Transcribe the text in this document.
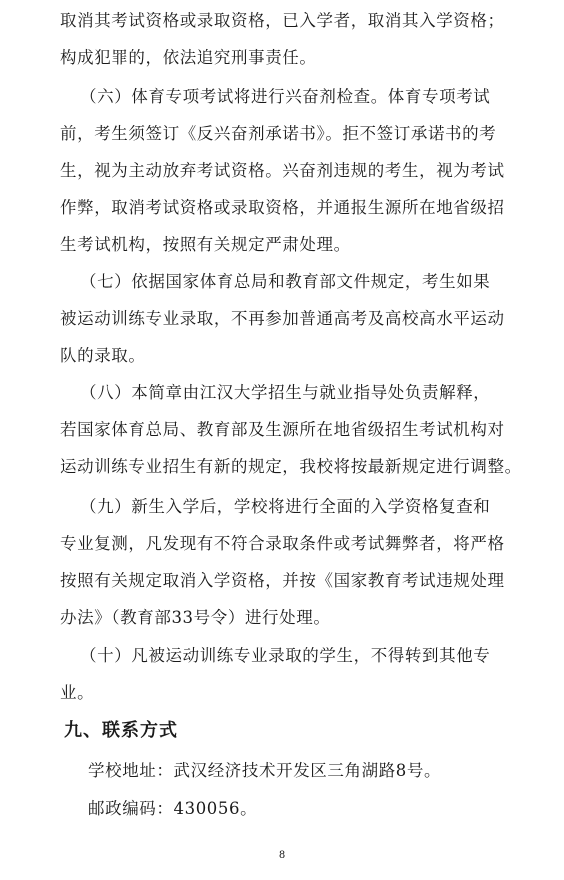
取消其考试资格或录取资格，已入学者，取消其入学资格；
构成犯罪的，依法追究刑事责任。
（六）体育专项考试将进行兴奋剂检查。体育专项考试
前，考生须签订《反兴奋剂承诺书》。拒不签订承诺书的考
生，视为主动放弃考试资格。兴奋剂违规的考生，视为考试
作弊，取消考试资格或录取资格，并通报生源所在地省级招
生考试机构，按照有关规定严肃处理。
（七）依据国家体育总局和教育部文件规定，考生如果
被运动训练专业录取，不再参加普通高考及高校高水平运动
队的录取。
（八）本简章由江汉大学招生与就业指导处负责解释，
若国家体育总局、教育部及生源所在地省级招生考试机构对
运动训练专业招生有新的规定，我校将按最新规定进行调整。
（九）新生入学后，学校将进行全面的入学资格复查和
专业复测，凡发现有不符合录取条件或考试舞弊者，将严格
按照有关规定取消入学资格，并按《国家教育考试违规处理
办法》（教育部33号令）进行处理。
（十）凡被运动训练专业录取的学生，不得转到其他专
业。
九、联系方式
学校地址：武汉经济技术开发区三角湖路8号。
邮政编码：430056。
8
